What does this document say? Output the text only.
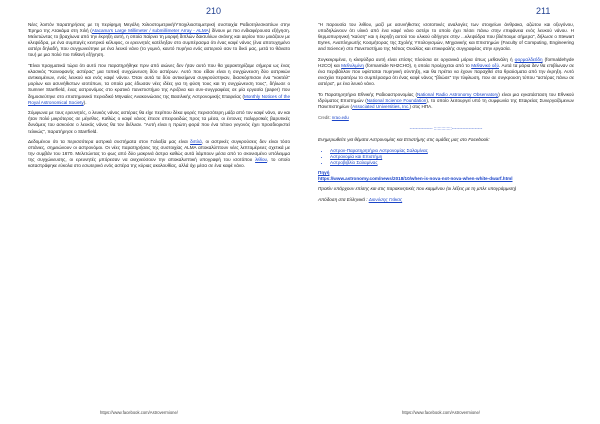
210

Νέες λοιπόν παρατηρήσεις με τη περίφημη Μεγάλη Χιλιοστομετρική/Υποχιλιοστομετρική συστοιχία Ραδιοτηλεσκοπίων στην Έρημο της Ατακάμα στη Χιλή (Atacama's Large Millimeter / submillimeter Array - ALMA) δίνουν με πιο ενδιαφέρουσα εξήγηση. Μελετώντας το βραχίωνα από την έκρηξη αυτή, η οποία παίρνει τη μορφή διπλών δακτυλίων σκόνης και αερίου που μοιάζουν με κλεψύδρα, με ένα συμπαγές κεντρικό κέλυφος, οι ερευνητές κατέληξαν στο συμπέρασμα ότι ένας καφέ νάνος (ένα αποτυχημένο αστέρι δηλαδή, που συγχωνεύτηκε με ένα λευκό νάνο (το γυμνό, καυτό πυρήνα ενός αστεριού σαν το δικό μας, μετά το θάνατο του) με μια πολύ πιο πιθανή εξήγηση.

"Είναι πραγματικά τώρα ότι αυτό που παρατηρήθηκε πριν από αιώνες δεν ήταν αυτό που θα χαρακτηρίζαμε σήμερα ως ένας κλασικός "Καινοφανής αστέρας" μια τοπική συγχώνευση δύο αστέρων. Αυτό που είδαν είναι η συγχώνευση δύο αστρικών αντικειμένων, ενός λευκού και ενός καφέ νάνου. Όταν αυτά τα δύο αντικείμενα συγκρούστηκαν, διασκόρπισαν ένα "κοκτέιλ" μορίων και ασυνήθιστων ισοτόπων, τα οποία μας έδωσαν νέες ιδέες για τη φύση τους και τη συγχώνευση τους", δήλωσε ο Sumner Starrfield, ένας αστρονόμος στο κρατικό πανεπιστήμιο της Αριζόνα και συν-συγγραφέας σε μία εργασία (paper) που δημοσιεύτηκε στο επιστημονικό περιοδικό Μηνιαίες Ανακοινώσεις της Βασιλικής Αστρονομικής Εταιρείας (Monthly Notices of the Royal Astronomical Society).

Σύμφωνα με τους ερευνητές, ο λευκός νάνος αστέρας θα είχε περίπου δέκα φορές περισσότερη μάζα από τον καφέ νάνο, αν και ήταν πολύ μικρότερος σε μέγεθος. Καθώς ο καφέ νάνος έπεσε σπειροειδώς προς τα μέσα, οι έντονες παλιρροϊκές βαρυτικές δυνάμεις του ασκούσε ο λευκός νάνος θα τον διέλυαν. "Αυτή είναι η πρώτη φορά που ένα τέτοιο γεγονός έχει προσδιοριστεί τελικώς", παρατήρησε ο Starrfield.

Δεδομένου ότι τα περισσότερα αστρικά συστήματα στον Γαλαξία μας είναι διπλά, οι αστρικές συγκρούσεις δεν είναι τόσο σπάνιες, σημειώνουν οι αστρονόμοι. Οι νέες παρατηρήσεις της συστοιχίας ALMA αποκαλύπτουν νέες λεπτομέρειες σχετικά με την συμβάν του 1670. Μελετώντας το φως από δύο μακρινά άστρα καθώς αυτά λάμπουν μέσα από το σκονισμένο υπόλειμμα της συγχώνευσης, οι ερευνητές μπόρεσαν να ανιχνεύσουν την αποκαλυπτική υπογραφή του ισοτόπου λιθίου, το οποίο καταστράφηκε εύκολα στο εσωτερικό ενός αστέρα της κύριας ακολουθίας, αλλά όχι μέσα σε ένα καφέ νάνο.

https://www.facebook.com/Astrovermione/
211

"Η παρουσία του λιθίου, μαζί με ασυνήθιστες ισοτοπικές αναλογίες των στοιχείων άνθρακα, αζώτου και οξυγόνου, υποδηλώνουν ότι υλικό από ένα καφέ νάνο αστέρι το οποίο έχει πέσει πάνω στην επιφάνεια ενός λευκού νάνου. Η θερμοπυρηνική "καύση" και η έκρηξη αυτού του υλικού οδήγησε στην ...κλεψύδρα που βλέπουμε σήμερα", δήλωσε ο Stewart Eyres, Αναπληρωτής Κοσμήτορας της Σχολής Υπολογισμών, Μηχανικής και Επιστημών (Faculty of Computing, Engineering and Science) στο Πανεπιστήμιο της Νότιας Ουαλίας και επικεφαλής συγγραφέας στην εργασία.

Συγκεκριμένα, η κλεψύδρα αυτή είναι επίσης πλούσια σε οργανικά μόρια όπως μεθανάλη ή φορμαλδεΰδη (formaldehyde H2CO) και Μεθυλιμίνη (formamide NH2CHO), η οποία προέρχεται από το Μεθανικό οξύ. Αυτά τα μόρια δεν θα επιβίωναν σε ένα περιβάλλον που υφίσταται πυρηνική σύντηξη, και θα πρέπει να έχουν παραχθεί στα θραύσματα από την έκρηξη. Αυτό ενισχύει περαιτέρω το συμπέρασμα ότι ένας καφέ νάνος "βλώσε" την τύφλωση, που σε συγκρουση τύπου "αστέρας πάνω σε αστέρα", με ένα λευκό νάνο.

Το Παρατηρητήριο Εθνικής Ραδιοαστρονομίας (National Radio Astronomy Observatory) είναι μια εγκατάσταση του Εθνικού Ιδρύματος Επιστημών (National Science Foundation), το οποίο λειτουργεί υπό τη συμφωνία της Εταιρείας Συνεργαζόμενων Πανεπιστημίων (Associated Universities, Inc.) στις ΗΠΑ.

Credit: nrao.edu

--------------- ::::::::::::::--------------------

Ενημερωθείτε για θέματα Αστρονομίας και Επιστήμης στις ομάδες μας στο Facebook:

• Αστρον-Παρατηρητήριο Αστρονομίας Σαλαμίνας
• Αστρονομία και Επιστήμη
• Αστροβιβλίο Σαλαμίνας

Πηγή
https://www.astronomy.com/news/2018/10/when-is-nova-not-nova-when-white-dwarf.html

Προϊόν υπάρχουν επίσης και στις παρακινητικές που καμμένου (οι λέξεις με τη μπλε υπογράμμιση)

Απόδοση στα Ελληνικά : Διονύσης Γιάκας

https://www.facebook.com/Astrovermione/
